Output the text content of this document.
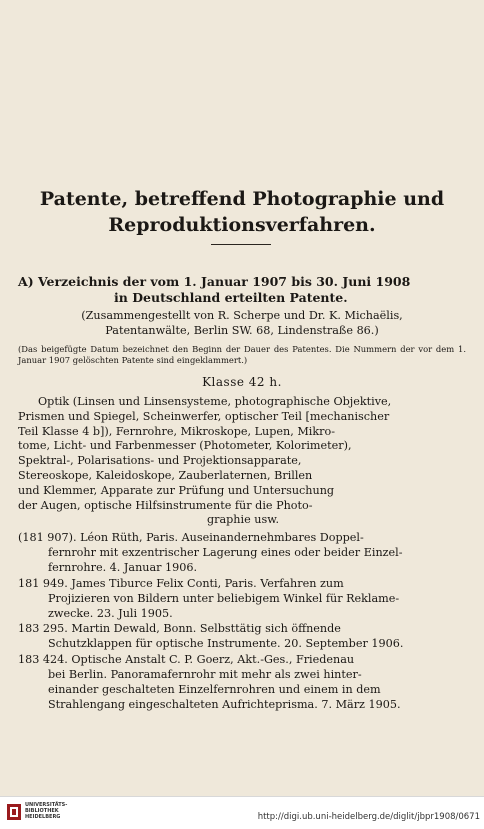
Patente, betreffend Photographie und
Reproduktionsverfahren.
A) Verzeichnis der vom 1. Januar 1907 bis 30. Juni 1908
in Deutschland erteilten Patente.
(Zusammengestellt von R. Scherpe und Dr. K. Michaëlis,
Patentanwälte, Berlin SW. 68, Lindenstraße 86.)
(Das beigefügte Datum bezeichnet den Beginn der Dauer des Patentes. Die Nummern der vor dem 1. Januar 1907 gelöschten Patente sind eingeklammert.)
Klasse 42 h.
Optik (Linsen und Linsensysteme, photographische Objektive,
Prismen und Spiegel, Scheinwerfer, optischer Teil [mechanischer
Teil Klasse 4 b]), Fernrohre, Mikroskope, Lupen, Mikro-
tome, Licht- und Farbenmesser (Photometer, Kolorimeter),
Spektral-, Polarisations- und Projektionsapparate,
Stereoskope, Kaleidoskope, Zauberlaternen, Brillen
und Klemmer, Apparate zur Prüfung und Untersuchung
der Augen, optische Hilfsinstrumente für die Photo-
graphie usw.
(181 907). Léon Rüth, Paris. Auseinandernehmbares Doppel-
fernrohr mit exzentrischer Lagerung eines oder beider Einzel-
fernrohre. 4. Januar 1906.
181 949. James Tiburce Felix Conti, Paris. Verfahren zum
Projizieren von Bildern unter beliebigem Winkel für Reklame-
zwecke. 23. Juli 1905.
183 295. Martin Dewald, Bonn. Selbsttätig sich öffnende
Schutzklappen für optische Instrumente. 20. September 1906.
183 424. Optische Anstalt C. P. Goerz, Akt.-Ges., Friedenau
bei Berlin. Panoramafernrohr mit mehr als zwei hinter-
einander geschalteten Einzelfernrohren und einem in dem
Strahlengang eingeschalteten Aufrichteprisma. 7. März 1905.
UNIVERSITÄTS-
BIBLIOTHEK
HEIDELBERG	http://digi.ub.uni-heidelberg.de/diglit/jbpr1908/0671
